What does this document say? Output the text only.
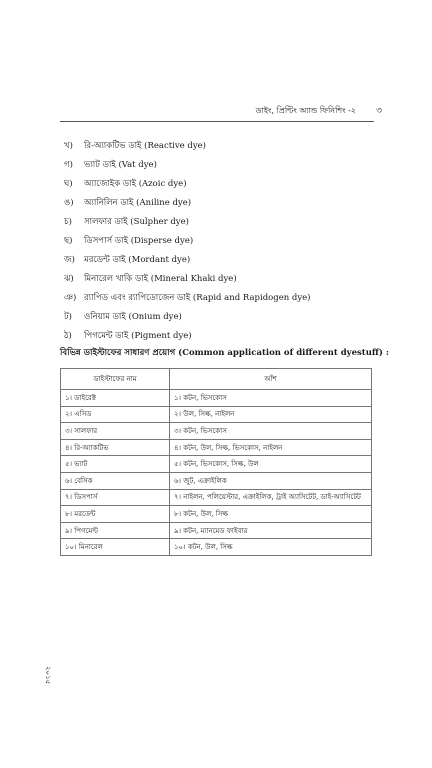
ডাইং, প্রিন্টিং অ্যান্ড ফিনিশিং -২ ৩
খ)	রি-অ্যাকটিভ ডাই (Reactive dye)
গ)	ভ্যাট ডাই (Vat dye)
ঘ)	অ্যাজোইক ডাই (Azoic dye)
ঙ)	অ্যানিলিন ডাই (Aniline dye)
চ)	সালফার ডাই (Sulpher dye)
ছ)	ডিসপার্স ডাই (Disperse dye)
জ)	মরডেন্ট ডাই (Mordant dye)
ঝ)	মিনারেল খাকি ডাই (Mineral Khaki dye)
ঞ) র‍্যাপিড এবং র‍্যাপিডোজেন ডাই (Rapid and Rapidogen dye)
ট)	ওনিয়াম ডাই (Onium dye)
ঠ)	পিগমেন্ট ডাই (Pigment dye)
বিভিন্ন ডাইস্টাফের সাধারণ প্রয়োগ (Common application of different dyestuff) :
ডাইস্টাফের নাম	আঁশ
১। ডাইরেক্ট	১। কটন, ভিসকোস
২। এসিড	২। উল, সিল্ক, নাইলন
৩। সালফার	৩। কটন, ভিসকোস
৪। রি-অ্যাকটিভ	৪। কটন, উল, সিল্ক, ভিসকোস, নাইলন
৫। ভ্যাট	৫। কটন, ভিসকোস, সিল্ক, উল
৬। বেসিক	৬। জুট, এক্রাইলিক
৭। ডিসপার্স	৭। নাইলন, পলিয়েস্টার, এক্রাইলিক, ট্রাই অ্যাসিটেট, ডাই-অ্যাসিটেট
৮। মরডেন্ট	৮। কটন, উল, সিল্ক
৯। পিগমেন্ট	৯। কটন, ম্যানমেড ফাইবার
১০। মিনারেল	১০। কটন, উল, সিল্ক
২০১৫
